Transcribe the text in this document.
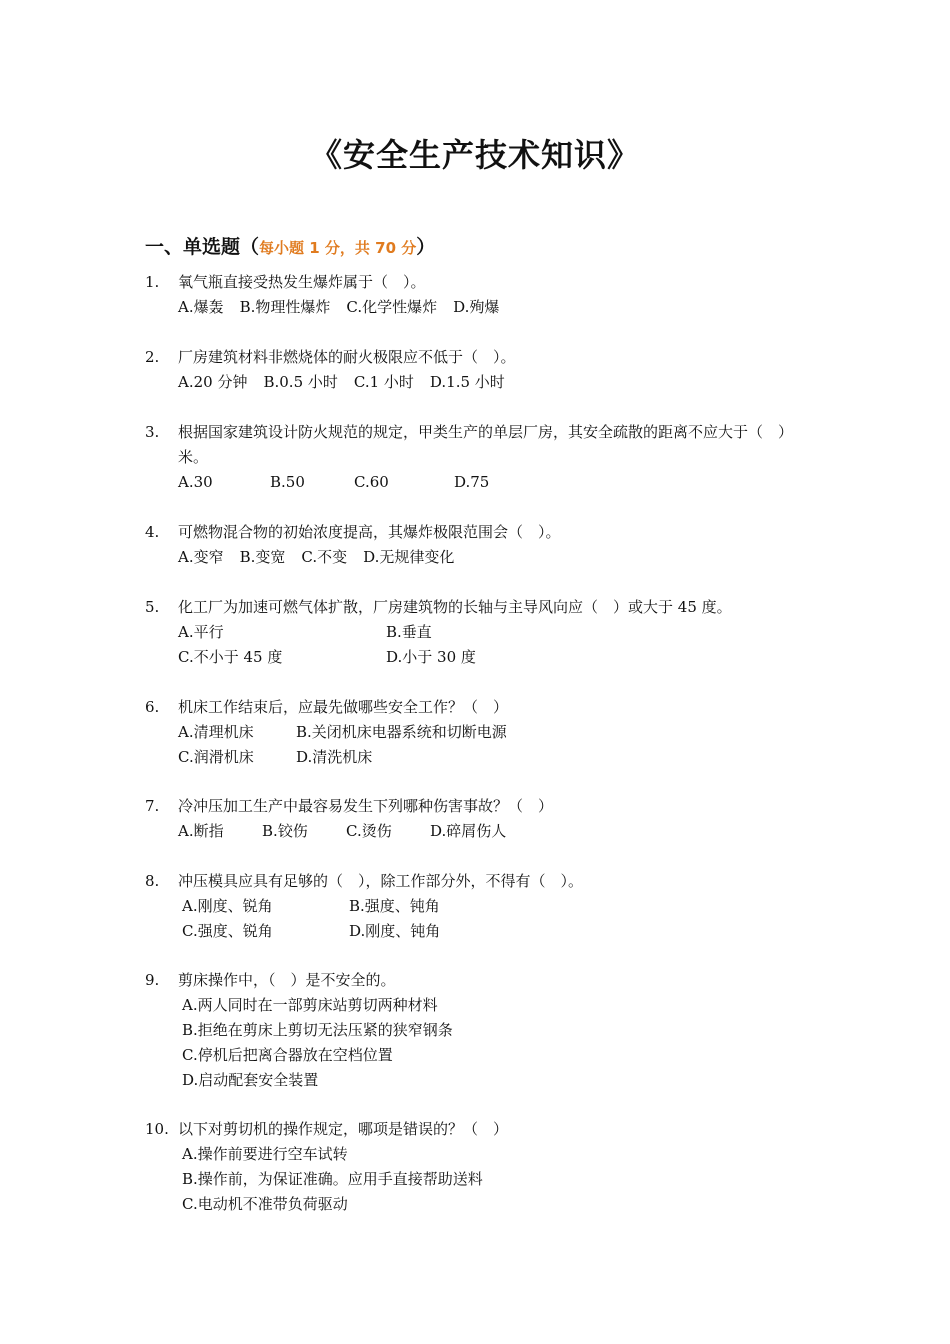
《安全生产技术知识》
一、单选题（每小题 1 分，共 70 分）
1.	氧气瓶直接受热发生爆炸属于（　）。
A.爆轰 B.物理性爆炸 C.化学性爆炸 D.殉爆
2.	厂房建筑材料非燃烧体的耐火极限应不低于（　）。
A.20 分钟 B.0.5 小时 C.1 小时 D.1.5 小时
3.	根据国家建筑设计防火规范的规定，甲类生产的单层厂房，其安全疏散的距离不应大于（　）米。
A.30	B.50	C.60	D.75
4.	可燃物混合物的初始浓度提高，其爆炸极限范围会（　）。
A.变窄 B.变宽 C.不变 D.无规律变化
5.	化工厂为加速可燃气体扩散，厂房建筑物的长轴与主导风向应（　）或大于 45 度。
A.平行	B.垂直
C.不小于 45 度	D.小于 30 度
6.	机床工作结束后，应最先做哪些安全工作？（　）
A.清理机床	B.关闭机床电器系统和切断电源
C.润滑机床	D.清洗机床
7.	冷冲压加工生产中最容易发生下列哪种伤害事故？（　）
A.断指	B.铰伤	C.烫伤	D.碎屑伤人
8.	冲压模具应具有足够的（　），除工作部分外，不得有（　）。
A.刚度、锐角	B.强度、钝角
C.强度、锐角	D.刚度、钝角
9.	剪床操作中，（　）是不安全的。
A.两人同时在一部剪床站剪切两种材料
B.拒绝在剪床上剪切无法压紧的狭窄钢条
C.停机后把离合器放在空档位置
D.启动配套安全装置
10. 以下对剪切机的操作规定，哪项是错误的？（　）
A.操作前要进行空车试转
B.操作前，为保证准确。应用手直接帮助送料
C.电动机不准带负荷驱动
